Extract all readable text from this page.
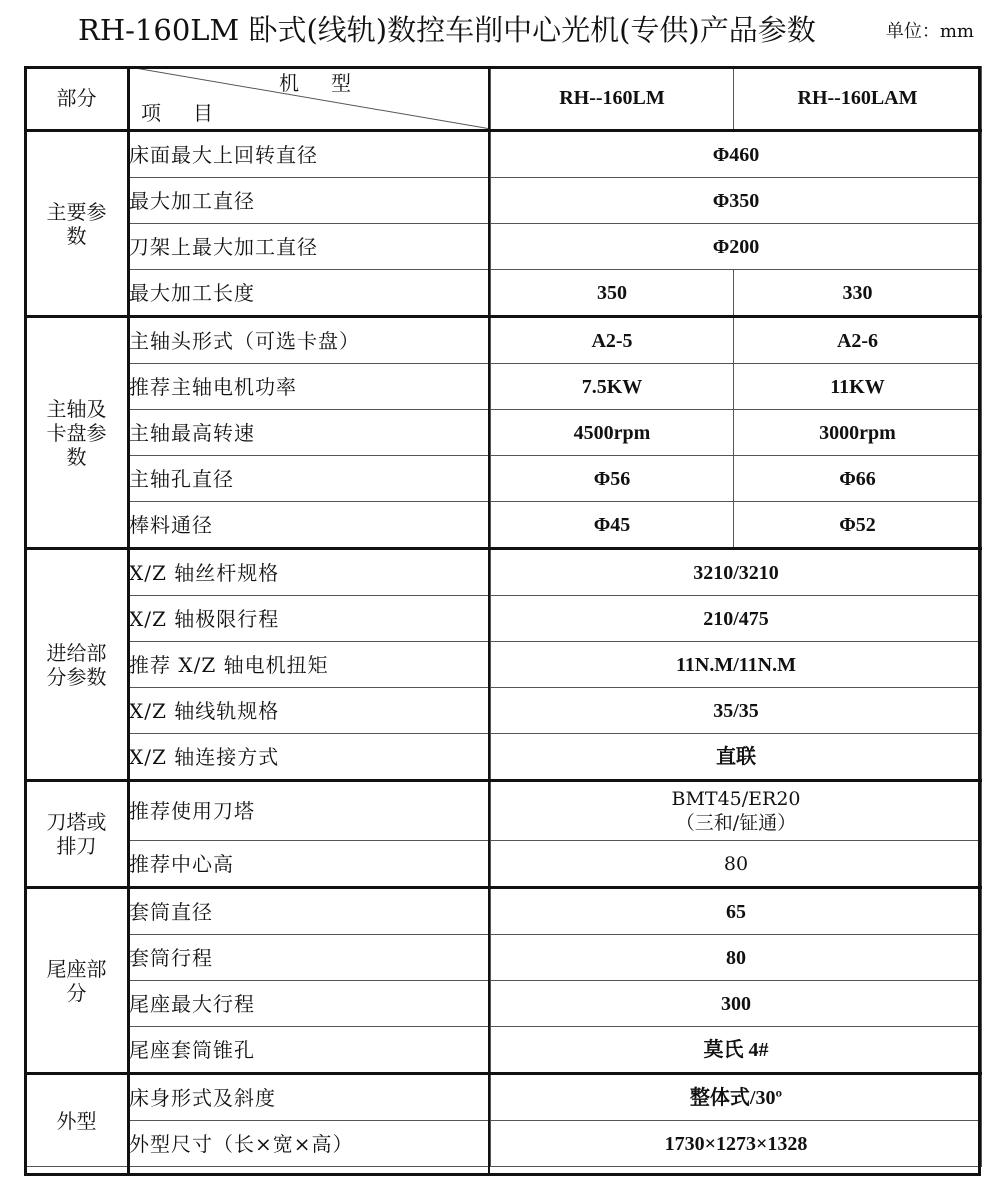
RH-160LM 卧式(线轨)数控车削中心光机(专供)产品参数	单位：mm
部分	机　型
项　目	RH--160LM	RH--160LAM

主要参
数	床面最大上回转直径	Φ460	
	最大加工直径	Φ350	
	刀架上最大加工直径	Φ200	
	最大加工长度	350	330

主轴及
卡盘参
数	主轴头形式（可选卡盘）	A2-5	A2-6
	推荐主轴电机功率	7.5KW	11KW
	主轴最高转速	4500rpm	3000rpm
	主轴孔直径	Φ56	Φ66
	棒料通径	Φ45	Φ52

进给部
分参数	X/Z 轴丝杆规格	3210/3210	
	X/Z 轴极限行程	210/475	
	推荐 X/Z 轴电机扭矩	11N.M/11N.M	
	X/Z 轴线轨规格	35/35	
	X/Z 轴连接方式	直联	

刀塔或
排刀	推荐使用刀塔	BMT45/ER20
（三和/钲通）	

	推荐中心高	80	

尾座部
分	套筒直径	65	
	套筒行程	80	
	尾座最大行程	300	
	尾座套筒锥孔	莫氏 4#	

外型	床身形式及斜度	整体式/30º	
	外型尺寸（长×宽×高）	1730×1273×1328	
